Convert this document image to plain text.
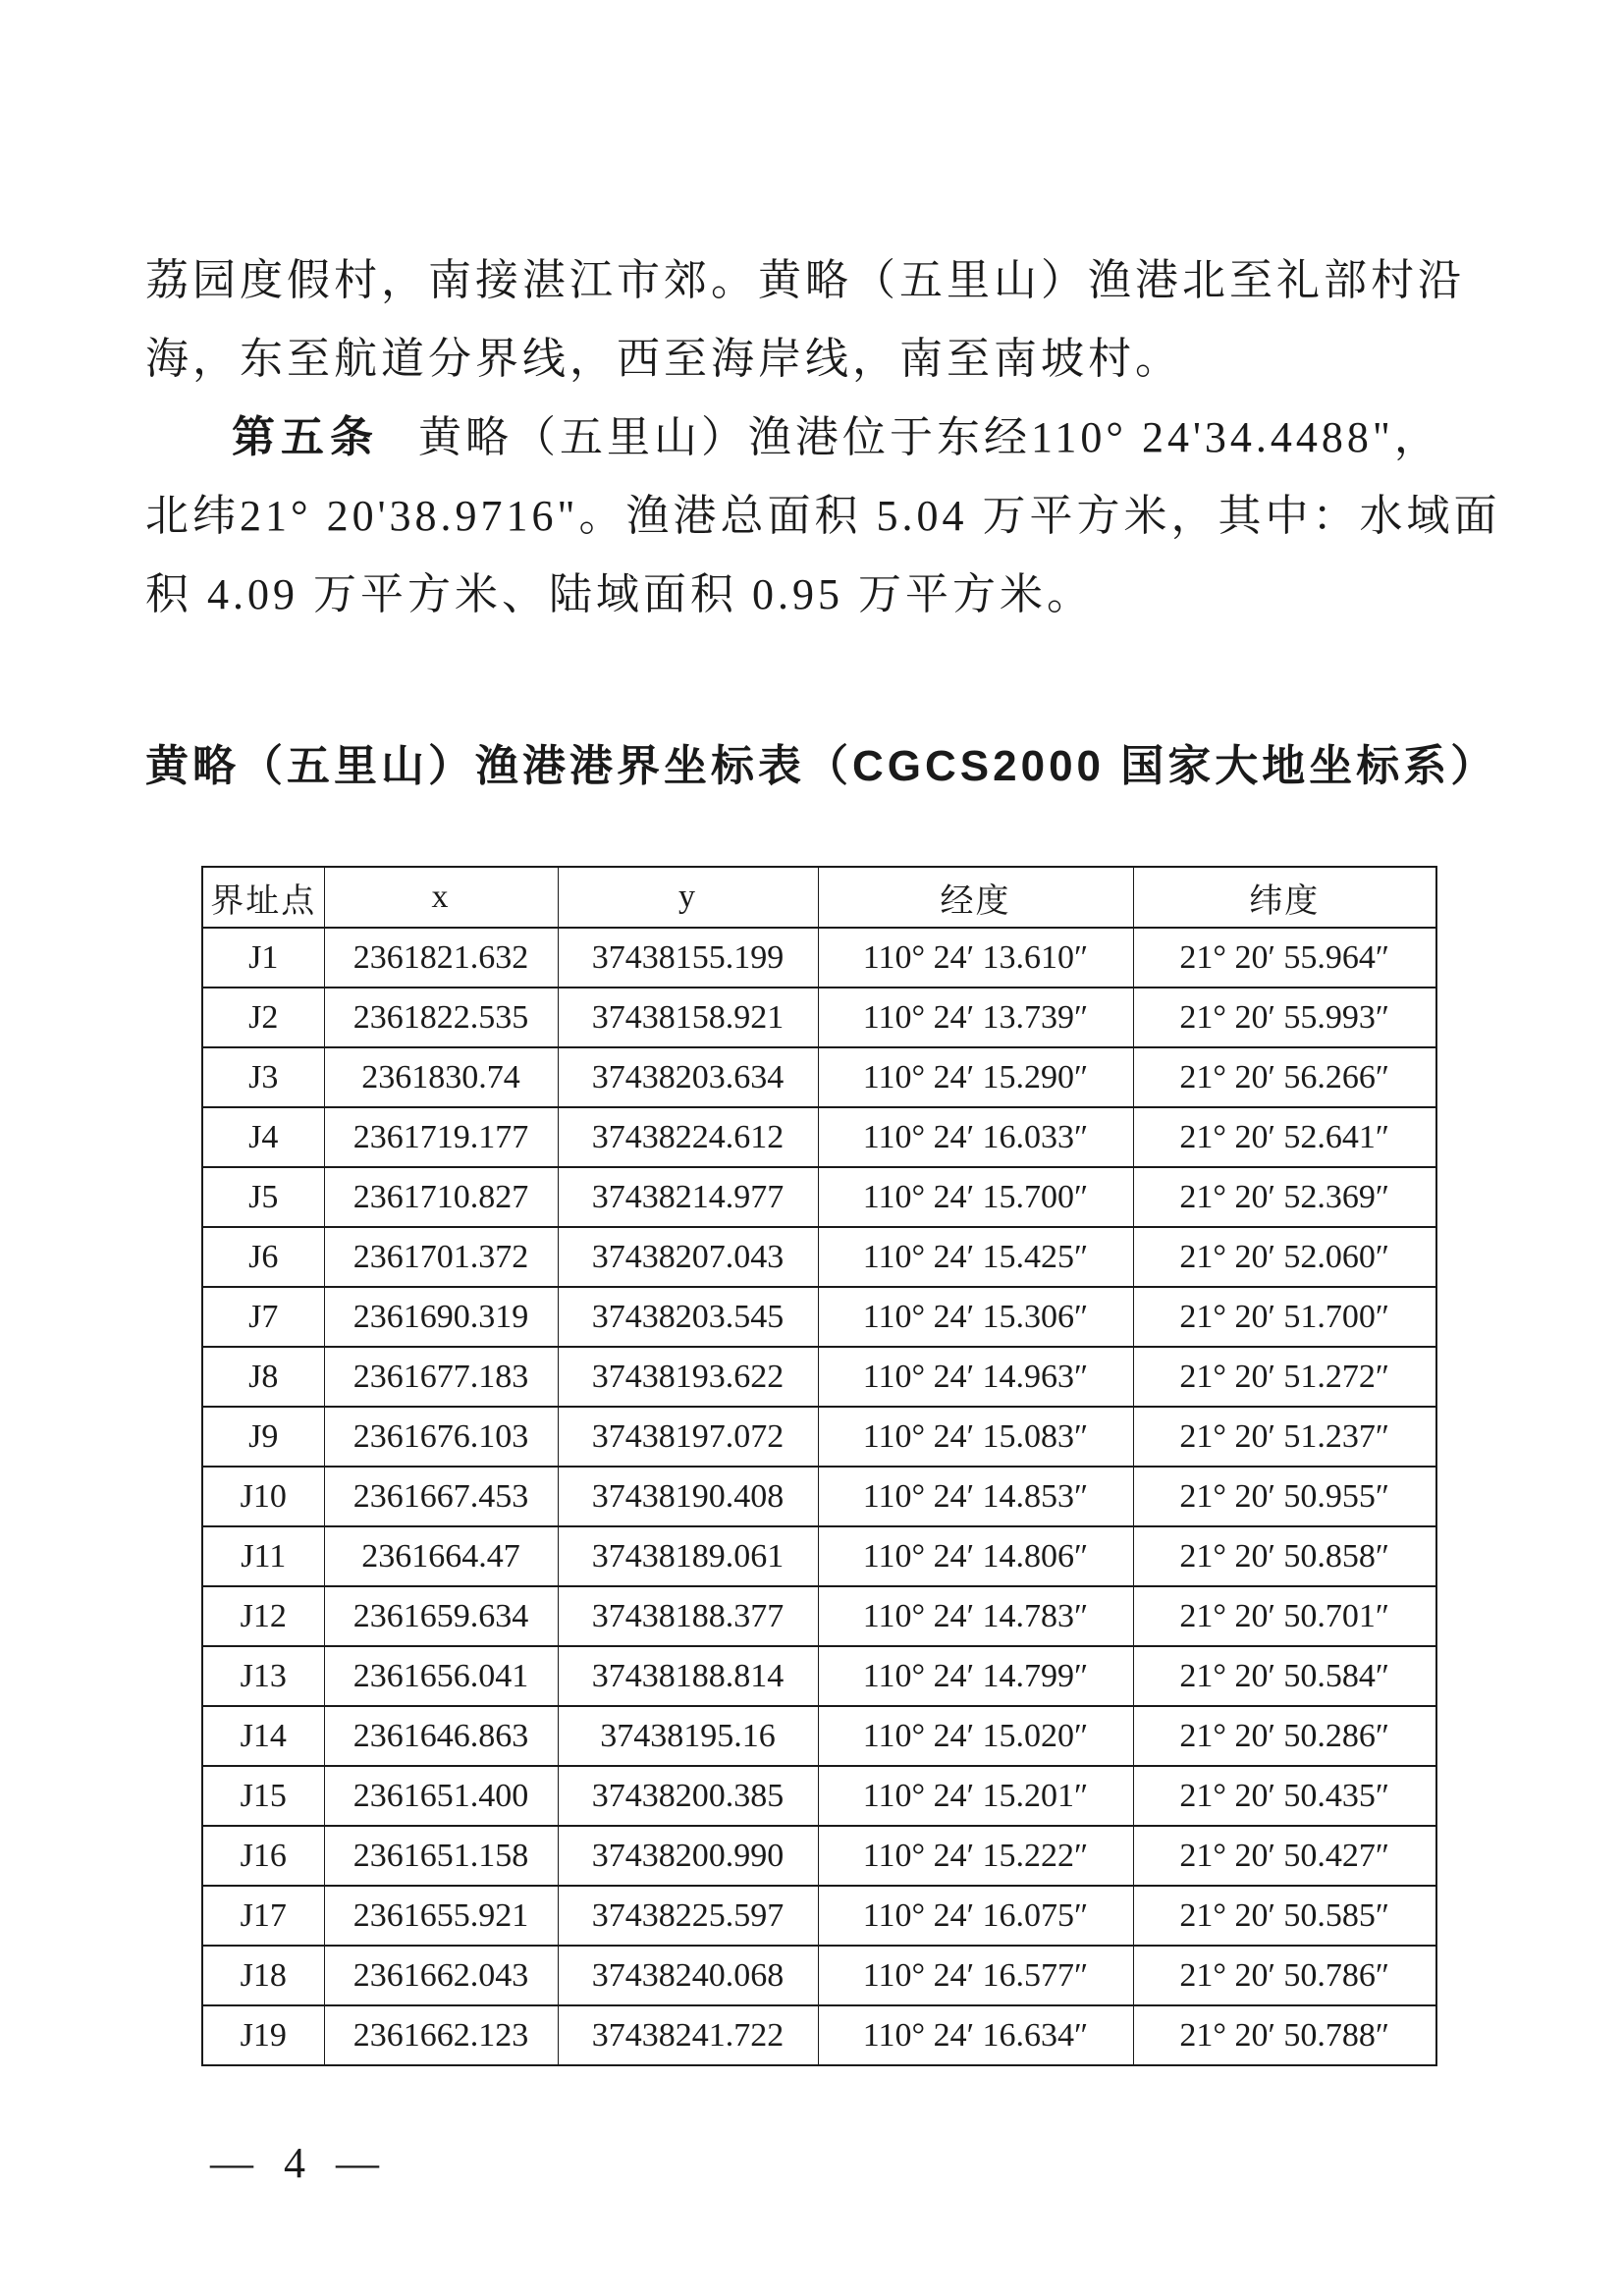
荔园度假村，南接湛江市郊。黄略（五里山）渔港北至礼部村沿
海，东至航道分界线，西至海岸线，南至南坡村。
第五条 黄略（五里山）渔港位于东经110° 24'34.4488"，
北纬21° 20'38.9716"。渔港总面积 5.04 万平方米，其中：水域面
积 4.09 万平方米、陆域面积 0.95 万平方米。
黄略（五里山）渔港港界坐标表（CGCS2000 国家大地坐标系）
界址点	x	y	经度	纬度
J1	2361821.632	37438155.199	110° 24′ 13.610″	21° 20′ 55.964″
J2	2361822.535	37438158.921	110° 24′ 13.739″	21° 20′ 55.993″
J3	2361830.74	37438203.634	110° 24′ 15.290″	21° 20′ 56.266″
J4	2361719.177	37438224.612	110° 24′ 16.033″	21° 20′ 52.641″
J5	2361710.827	37438214.977	110° 24′ 15.700″	21° 20′ 52.369″
J6	2361701.372	37438207.043	110° 24′ 15.425″	21° 20′ 52.060″
J7	2361690.319	37438203.545	110° 24′ 15.306″	21° 20′ 51.700″
J8	2361677.183	37438193.622	110° 24′ 14.963″	21° 20′ 51.272″
J9	2361676.103	37438197.072	110° 24′ 15.083″	21° 20′ 51.237″
J10	2361667.453	37438190.408	110° 24′ 14.853″	21° 20′ 50.955″
J11	2361664.47	37438189.061	110° 24′ 14.806″	21° 20′ 50.858″
J12	2361659.634	37438188.377	110° 24′ 14.783″	21° 20′ 50.701″
J13	2361656.041	37438188.814	110° 24′ 14.799″	21° 20′ 50.584″
J14	2361646.863	37438195.16	110° 24′ 15.020″	21° 20′ 50.286″
J15	2361651.400	37438200.385	110° 24′ 15.201″	21° 20′ 50.435″
J16	2361651.158	37438200.990	110° 24′ 15.222″	21° 20′ 50.427″
J17	2361655.921	37438225.597	110° 24′ 16.075″	21° 20′ 50.585″
J18	2361662.043	37438240.068	110° 24′ 16.577″	21° 20′ 50.786″
J19	2361662.123	37438241.722	110° 24′ 16.634″	21° 20′ 50.788″
— 4 —
